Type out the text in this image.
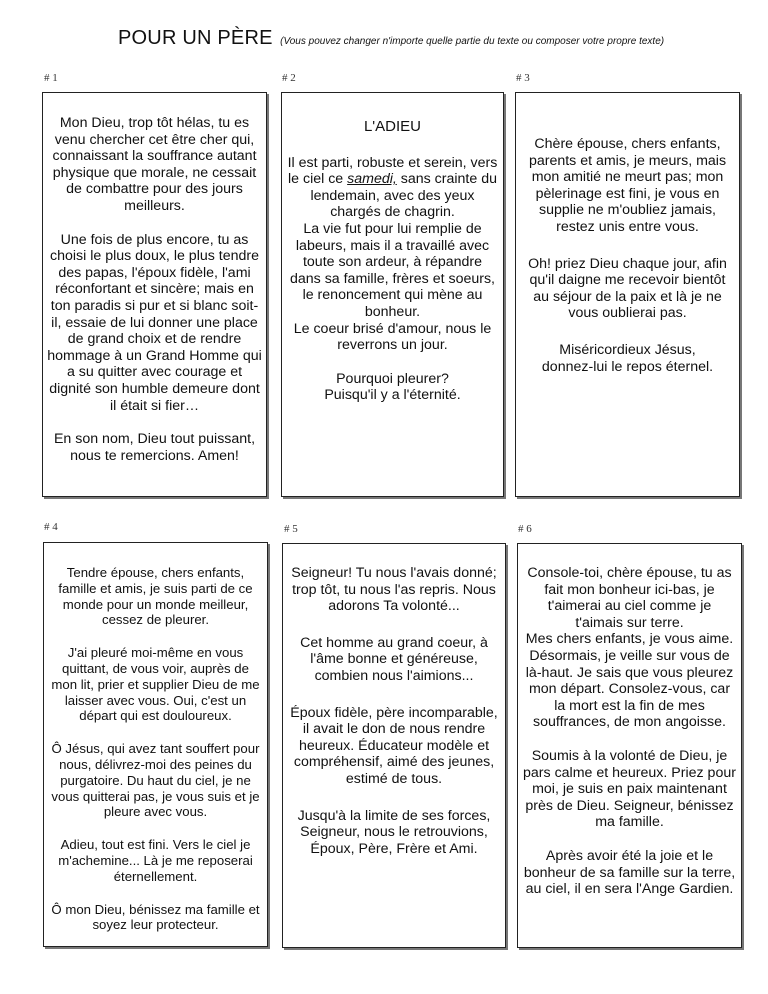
POUR UN PÈRE (Vous pouvez changer n'importe quelle partie du texte ou composer votre propre texte)
# 1	# 2	# 3
# 4	# 5	# 6

Mon Dieu, trop tôt hélas, tu es venu chercher cet être cher qui, connaissant la souffrance autant physique que morale, ne cessait de combattre pour des jours meilleurs.

Une fois de plus encore, tu as choisi le plus doux, le plus tendre des papas, l'époux fidèle, l'ami réconfortant et sincère; mais en ton paradis si pur et si blanc soit-il, essaie de lui donner une place de grand choix et de rendre hommage à un Grand Homme qui a su quitter avec courage et dignité son humble demeure dont il était si fier…

En son nom, Dieu tout puissant, nous te remercions. Amen!

L'ADIEU

Il est parti, robuste et serein, vers le ciel ce samedi, sans crainte du lendemain, avec des yeux chargés de chagrin.

La vie fut pour lui remplie de labeurs, mais il a travaillé avec toute son ardeur, à répandre dans sa famille, frères et soeurs, le renoncement qui mène au bonheur.

Le coeur brisé d'amour, nous le reverrons un jour.

Pourquoi pleurer? Puisqu'il y a l'éternité.

Chère épouse, chers enfants, parents et amis, je meurs, mais mon amitié ne meurt pas; mon pèlerinage est fini, je vous en supplie ne m'oubliez jamais, restez unis entre vous.

Oh! priez Dieu chaque jour, afin qu'il daigne me recevoir bientôt au séjour de la paix et là je ne vous oublierai pas.

Miséricordieux Jésus, donnez-lui le repos éternel.

Tendre épouse, chers enfants, famille et amis, je suis parti de ce monde pour un monde meilleur, cessez de pleurer.

J'ai pleuré moi-même en vous quittant, de vous voir, auprès de mon lit, prier et supplier Dieu de me laisser avec vous. Oui, c'est un départ qui est douloureux.

Ô Jésus, qui avez tant souffert pour nous, délivrez-moi des peines du purgatoire. Du haut du ciel, je ne vous quitterai pas, je vous suis et je pleure avec vous.

Adieu, tout est fini. Vers le ciel je m'achemine... Là je me reposerai éternellement.

Ô mon Dieu, bénissez ma famille et soyez leur protecteur.

Seigneur! Tu nous l'avais donné; trop tôt, tu nous l'as repris. Nous adorons Ta volonté...

Cet homme au grand coeur, à l'âme bonne et généreuse, combien nous l'aimions...

Époux fidèle, père incomparable, il avait le don de nous rendre heureux. Éducateur modèle et compréhensif, aimé des jeunes, estimé de tous.

Jusqu'à la limite de ses forces, Seigneur, nous le retrouvions, Époux, Père, Frère et Ami.

Console-toi, chère épouse, tu as fait mon bonheur ici-bas, je t'aimerai au ciel comme je t'aimais sur terre.

Mes chers enfants, je vous aime. Désormais, je veille sur vous de là-haut. Je sais que vous pleurez mon départ. Consolez-vous, car la mort est la fin de mes souffrances, de mon angoisse.

Soumis à la volonté de Dieu, je pars calme et heureux. Priez pour moi, je suis en paix maintenant près de Dieu. Seigneur, bénissez ma famille.

Après avoir été la joie et le bonheur de sa famille sur la terre, au ciel, il en sera l'Ange Gardien.
